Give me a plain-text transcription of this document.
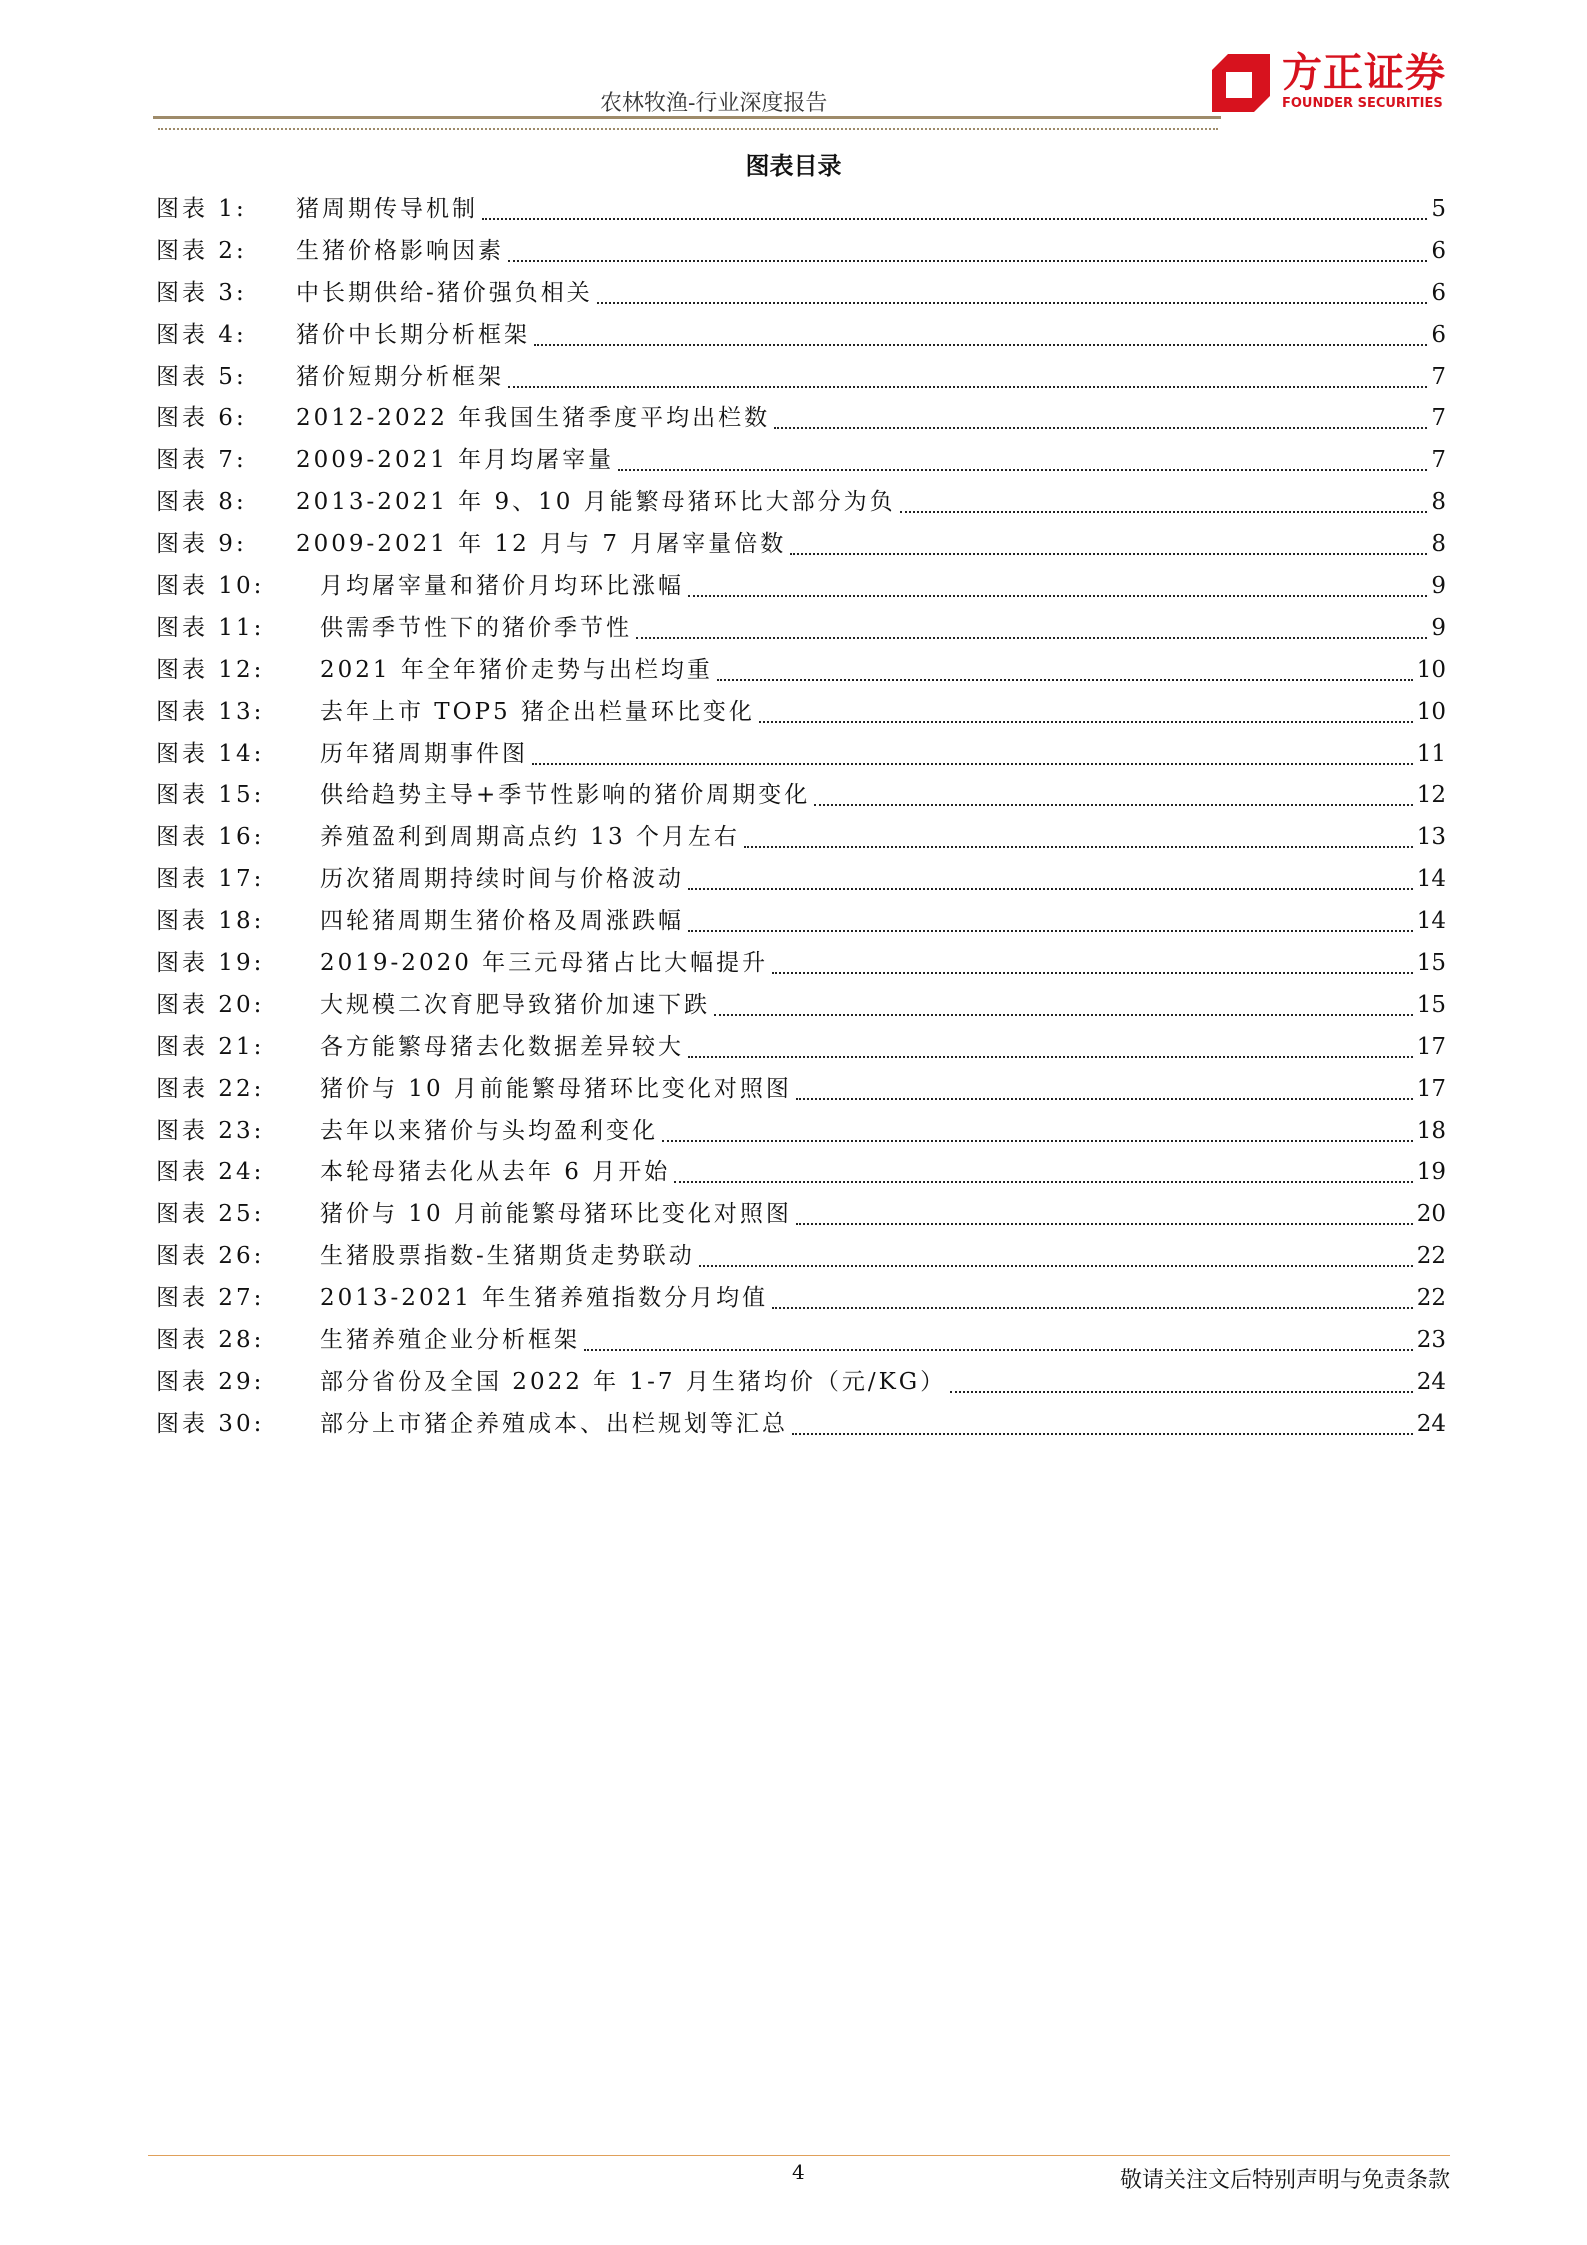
农林牧渔-行业深度报告
方正证券
FOUNDER SECURITIES
图表目录
图表 1:	猪周期传导机制	5
图表 2:	生猪价格影响因素	6
图表 3:	中长期供给-猪价强负相关	6
图表 4:	猪价中长期分析框架	6
图表 5:	猪价短期分析框架	7
图表 6:	2012-2022 年我国生猪季度平均出栏数	7
图表 7:	2009-2021 年月均屠宰量	7
图表 8:	2013-2021 年 9、10 月能繁母猪环比大部分为负	8
图表 9:	2009-2021 年 12 月与 7 月屠宰量倍数	8
图表 10:	月均屠宰量和猪价月均环比涨幅	9
图表 11:	供需季节性下的猪价季节性	9
图表 12:	2021 年全年猪价走势与出栏均重	10
图表 13:	去年上市 TOP5 猪企出栏量环比变化	10
图表 14:	历年猪周期事件图	11
图表 15:	供给趋势主导+季节性影响的猪价周期变化	12
图表 16:	养殖盈利到周期高点约 13 个月左右	13
图表 17:	历次猪周期持续时间与价格波动	14
图表 18:	四轮猪周期生猪价格及周涨跌幅	14
图表 19:	2019-2020 年三元母猪占比大幅提升	15
图表 20:	大规模二次育肥导致猪价加速下跌	15
图表 21:	各方能繁母猪去化数据差异较大	17
图表 22:	猪价与 10 月前能繁母猪环比变化对照图	17
图表 23:	去年以来猪价与头均盈利变化	18
图表 24:	本轮母猪去化从去年 6 月开始	19
图表 25:	猪价与 10 月前能繁母猪环比变化对照图	20
图表 26:	生猪股票指数-生猪期货走势联动	22
图表 27:	2013-2021 年生猪养殖指数分月均值	22
图表 28:	生猪养殖企业分析框架	23
图表 29:	部分省份及全国 2022 年 1-7 月生猪均价（元/KG）	24
图表 30:	部分上市猪企养殖成本、出栏规划等汇总	24
4	敬请关注文后特别声明与免责条款
